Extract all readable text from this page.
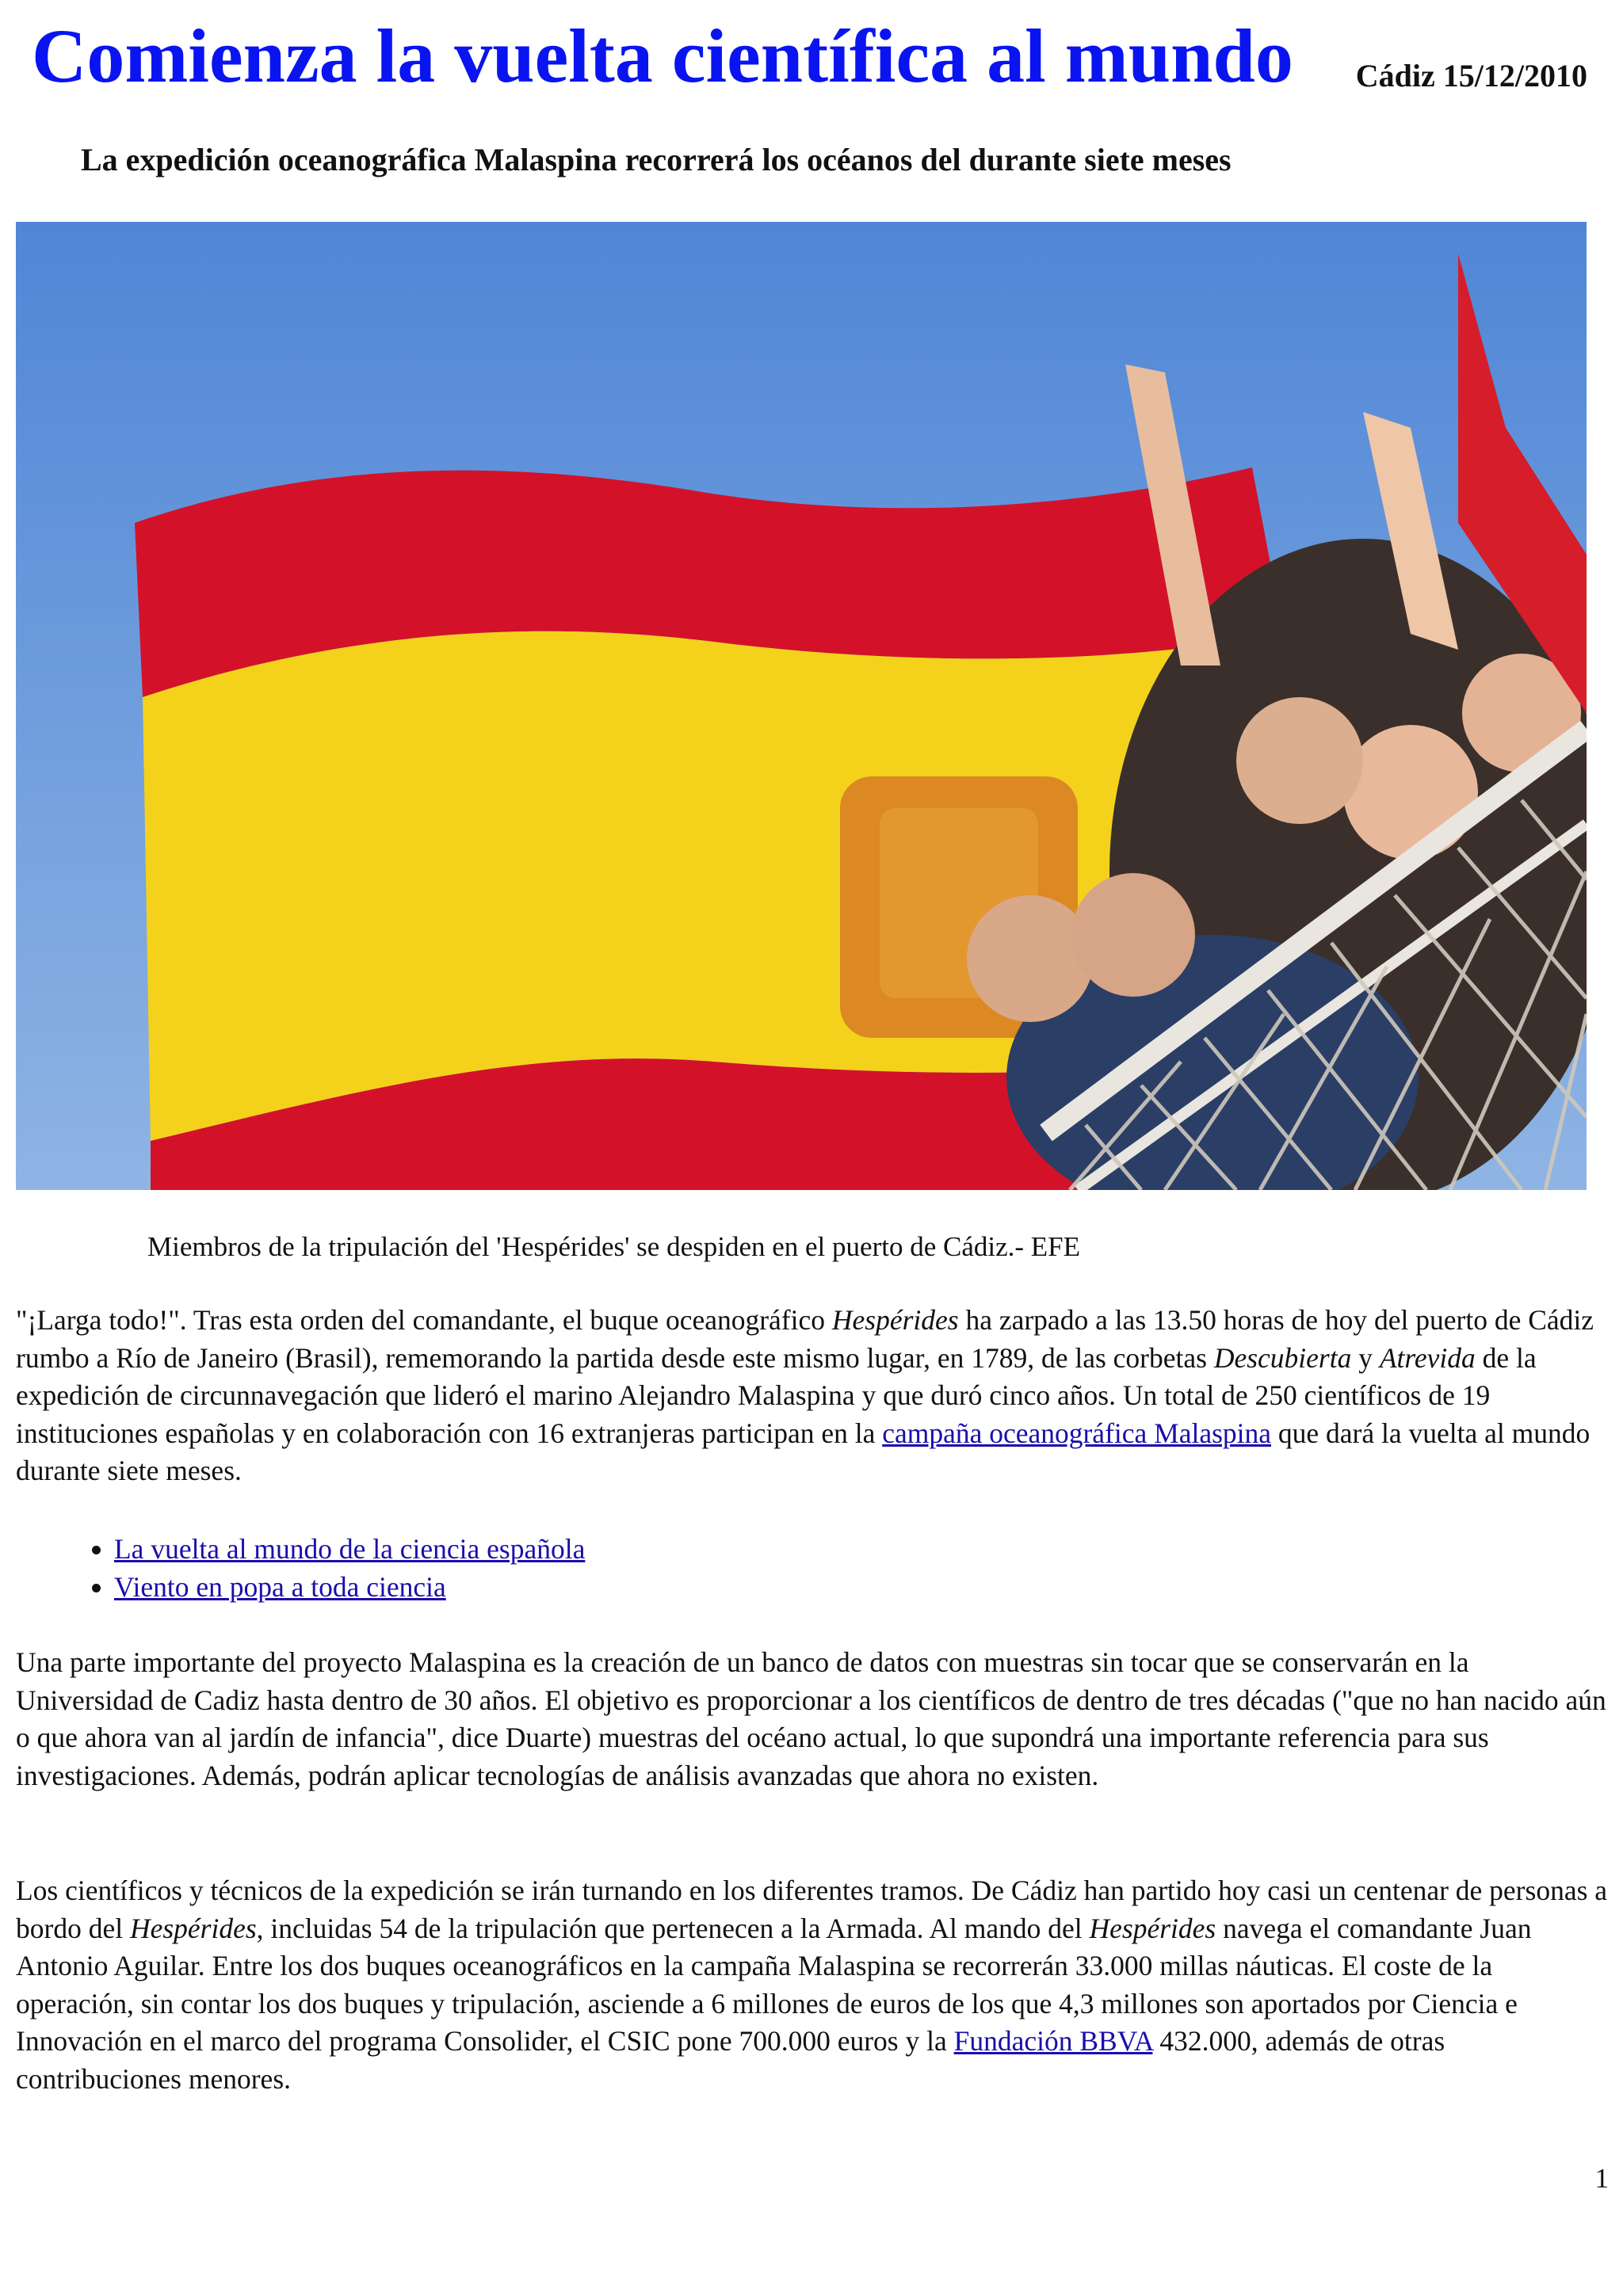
Comienza la vuelta científica al mundo Cádiz 15/12/2010
La expedición oceanográfica Malaspina recorrerá los océanos del durante siete meses
Miembros de la tripulación del 'Hespérides' se despiden en el puerto de Cádiz.- EFE

"¡Larga todo!". Tras esta orden del comandante, el buque oceanográfico Hespérides ha zarpado a las 13.50 horas de hoy del puerto de Cádiz rumbo a Río de Janeiro (Brasil), rememorando la partida desde este mismo lugar, en 1789, de las corbetas Descubierta y Atrevida de la expedición de circunnavegación que lideró el marino Alejandro Malaspina y que duró cinco años. Un total de 250 científicos de 19 instituciones españolas y en colaboración con 16 extranjeras participan en la campaña oceanográfica Malaspina que dará la vuelta al mundo durante siete meses.

• La vuelta al mundo de la ciencia española
• Viento en popa a toda ciencia

Una parte importante del proyecto Malaspina es la creación de un banco de datos con muestras sin tocar que se conservarán en la Universidad de Cadiz hasta dentro de 30 años. El objetivo es proporcionar a los científicos de dentro de tres décadas ("que no han nacido aún o que ahora van al jardín de infancia", dice Duarte) muestras del océano actual, lo que supondrá una importante referencia para sus investigaciones. Además, podrán aplicar tecnologías de análisis avanzadas que ahora no existen.

Los científicos y técnicos de la expedición se irán turnando en los diferentes tramos. De Cádiz han partido hoy casi un centenar de personas a bordo del Hespérides, incluidas 54 de la tripulación que pertenecen a la Armada. Al mando del Hespérides navega el comandante Juan Antonio Aguilar. Entre los dos buques oceanográficos en la campaña Malaspina se recorrerán 33.000 millas náuticas. El coste de la operación, sin contar los dos buques y tripulación, asciende a 6 millones de euros de los que 4,3 millones son aportados por Ciencia e Innovación en el marco del programa Consolider, el CSIC pone 700.000 euros y la Fundación BBVA 432.000, además de otras contribuciones menores.

1
